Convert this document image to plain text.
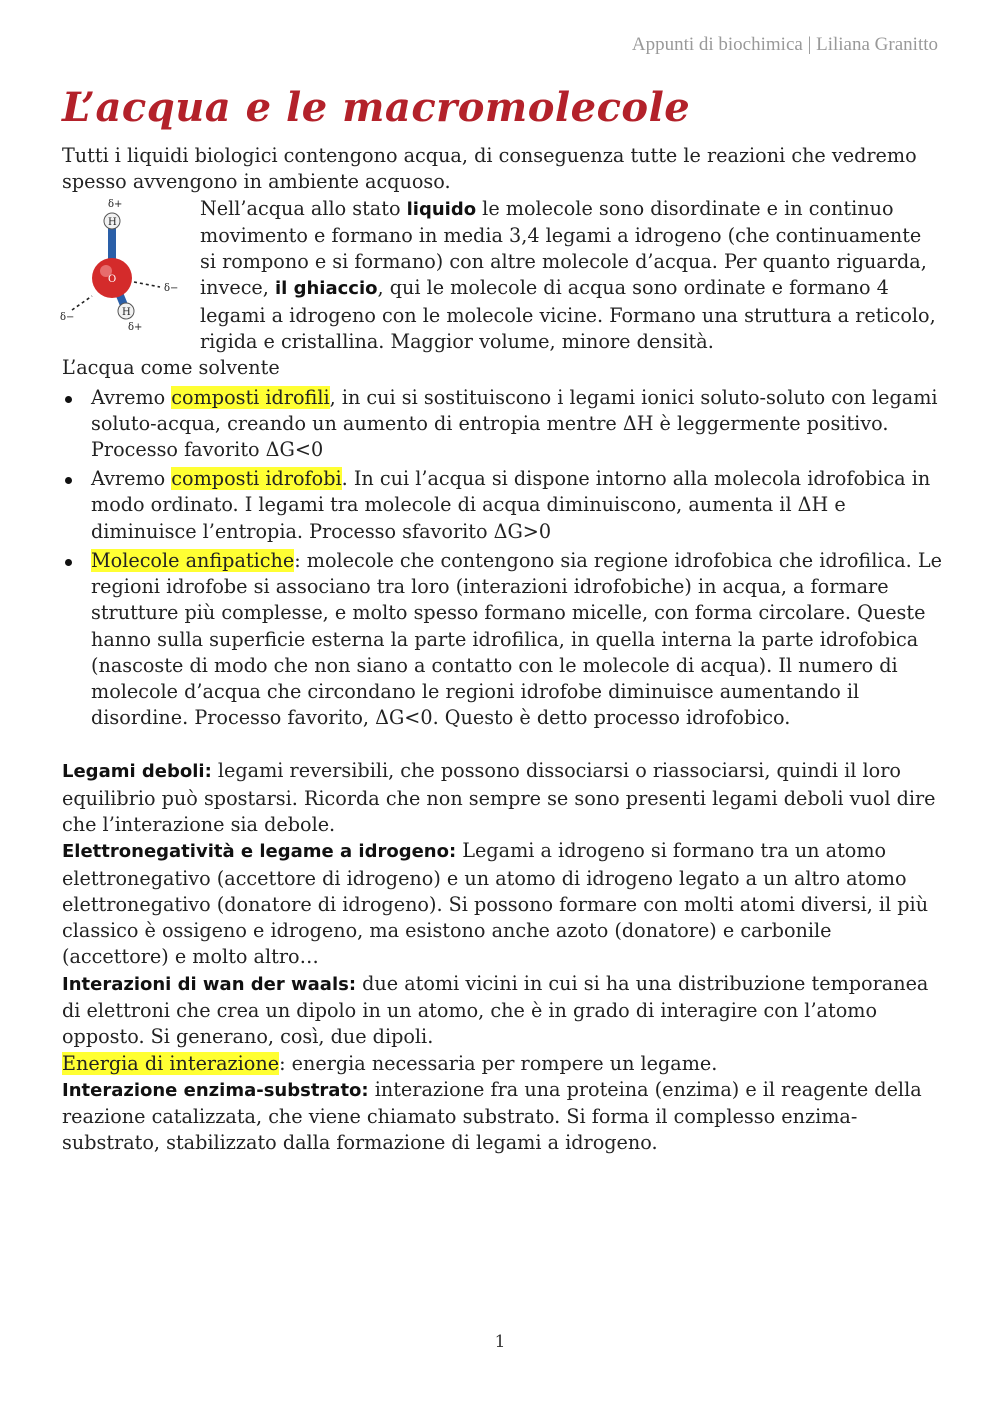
Appunti di biochimica | Liliana Granitto
L’acqua e le macromolecole

Tutti i liquidi biologici contengono acqua, di conseguenza tutte le reazioni che vedremo spesso avvengono in ambiente acquoso.

δ+
H
O
δ−
δ−	H
δ+

Nell’acqua allo stato liquido le molecole sono disordinate e in continuo movimento e formano in media 3,4 legami a idrogeno (che continuamente si rompono e si formano) con altre molecole d’acqua. Per quanto riguarda, invece, il ghiaccio, qui le molecole di acqua sono ordinate e formano 4 legami a idrogeno con le molecole vicine. Formano una struttura a reticolo, rigida e cristallina. Maggior volume, minore densità.

L’acqua come solvente

Avremo composti idrofili, in cui si sostituiscono i legami ionici soluto-soluto con legami soluto-acqua, creando un aumento di entropia mentre ΔH è leggermente positivo. Processo favorito ΔG<0
Avremo composti idrofobi. In cui l’acqua si dispone intorno alla molecola idrofobica in modo ordinato. I legami tra molecole di acqua diminuiscono, aumenta il ΔH e diminuisce l’entropia. Processo sfavorito ΔG>0
Molecole anfipatiche: molecole che contengono sia regione idrofobica che idrofilica. Le regioni idrofobe si associano tra loro (interazioni idrofobiche) in acqua, a formare strutture più complesse, e molto spesso formano micelle, con forma circolare. Queste hanno sulla superficie esterna la parte idrofilica, in quella interna la parte idrofobica (nascoste di modo che non siano a contatto con le molecole di acqua). Il numero di molecole d’acqua che circondano le regioni idrofobe diminuisce aumentando il disordine. Processo favorito, ΔG<0. Questo è detto processo idrofobico.

Legami deboli: legami reversibili, che possono dissociarsi o riassociarsi, quindi il loro equilibrio può spostarsi. Ricorda che non sempre se sono presenti legami deboli vuol dire che l’interazione sia debole.

Elettronegatività e legame a idrogeno: Legami a idrogeno si formano tra un atomo elettronegativo (accettore di idrogeno) e un atomo di idrogeno legato a un altro atomo elettronegativo (donatore di idrogeno). Si possono formare con molti atomi diversi, il più classico è ossigeno e idrogeno, ma esistono anche azoto (donatore) e carbonile (accettore) e molto altro…

Interazioni di wan der waals: due atomi vicini in cui si ha una distribuzione temporanea di elettroni che crea un dipolo in un atomo, che è in grado di interagire con l’atomo opposto. Si generano, così, due dipoli.

Energia di interazione: energia necessaria per rompere un legame.

Interazione enzima-substrato: interazione fra una proteina (enzima) e il reagente della reazione catalizzata, che viene chiamato substrato. Si forma il complesso enzima-substrato, stabilizzato dalla formazione di legami a idrogeno.

1
